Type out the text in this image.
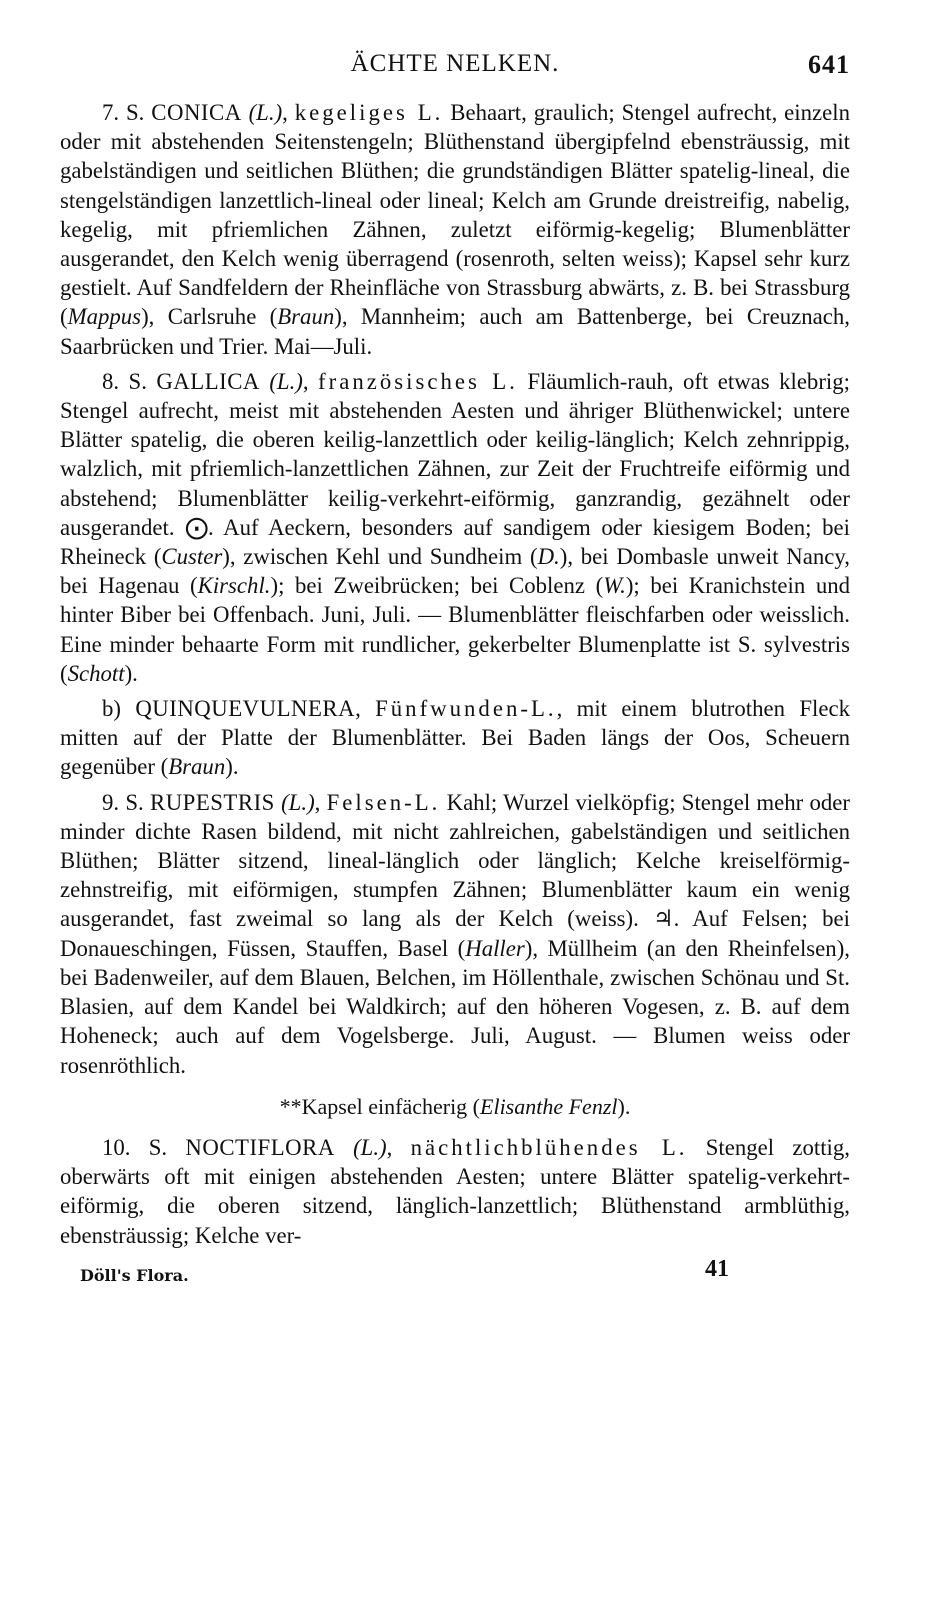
ÄCHTE NELKEN.	641

7. S. CONICA (L.), kegeliges L. Behaart, graulich; Stengel aufrecht, einzeln oder mit abstehenden Seitenstengeln; Blüthenstand übergipfelnd ebensträussig, mit gabelständigen und seitlichen Blüthen; die grundständigen Blätter spatelig-lineal, die stengelständigen lanzettlich-lineal oder lineal; Kelch am Grunde dreistreifig, nabelig, kegelig, mit pfriemlichen Zähnen, zuletzt eiförmig-kegelig; Blumenblätter ausgerandet, den Kelch wenig überragend (rosenroth, selten weiss); Kapsel sehr kurz gestielt. Auf Sandfeldern der Rheinfläche von Strassburg abwärts, z. B. bei Strassburg (Mappus), Carlsruhe (Braun), Mannheim; auch am Battenberge, bei Creuznach, Saarbrücken und Trier. Mai—Juli.

8. S. GALLICA (L.), französisches L. Fläumlich-rauh, oft etwas klebrig; Stengel aufrecht, meist mit abstehenden Aesten und ähriger Blüthenwickel; untere Blätter spatelig, die oberen keilig-lanzettlich oder keilig-länglich; Kelch zehnrippig, walzlich, mit pfriemlich-lanzettlichen Zähnen, zur Zeit der Fruchtreife eiförmig und abstehend; Blumenblätter keilig-verkehrt-eiförmig, ganzrandig, gezähnelt oder ausgerandet. ⨀. Auf Aeckern, besonders auf sandigem oder kiesigem Boden; bei Rheineck (Custer), zwischen Kehl und Sundheim (D.), bei Dombasle unweit Nancy, bei Hagenau (Kirschl.); bei Zweibrücken; bei Coblenz (W.); bei Kranichstein und hinter Biber bei Offenbach. Juni, Juli. — Blumenblätter fleischfarben oder weisslich. Eine minder behaarte Form mit rundlicher, gekerbelter Blumenplatte ist S. sylvestris (Schott).

b) QUINQUEVULNERA, Fünfwunden-L., mit einem blutrothen Fleck mitten auf der Platte der Blumenblätter. Bei Baden längs der Oos, Scheuern gegenüber (Braun).

9. S. RUPESTRIS (L.), Felsen-L. Kahl; Wurzel vielköpfig; Stengel mehr oder minder dichte Rasen bildend, mit nicht zahlreichen, gabelständigen und seitlichen Blüthen; Blätter sitzend, lineal-länglich oder länglich; Kelche kreiselförmig-zehnstreifig, mit eiförmigen, stumpfen Zähnen; Blumenblätter kaum ein wenig ausgerandet, fast zweimal so lang als der Kelch (weiss). ♃. Auf Felsen; bei Donaueschingen, Füssen, Stauffen, Basel (Haller), Müllheim (an den Rheinfelsen), bei Badenweiler, auf dem Blauen, Belchen, im Höllenthale, zwischen Schönau und St. Blasien, auf dem Kandel bei Waldkirch; auf den höheren Vogesen, z. B. auf dem Hoheneck; auch auf dem Vogelsberge. Juli, August. — Blumen weiss oder rosenröthlich.

**Kapsel einfächerig (Elisanthe Fenzl).

10. S. NOCTIFLORA (L.), nächtlichblühendes L. Stengel zottig, oberwärts oft mit einigen abstehenden Aesten; untere Blätter spatelig-verkehrt-eiförmig, die oberen sitzend, länglich-lanzettlich; Blüthenstand armblüthig, ebensträussig; Kelche ver-

Döll's Flora.	41
